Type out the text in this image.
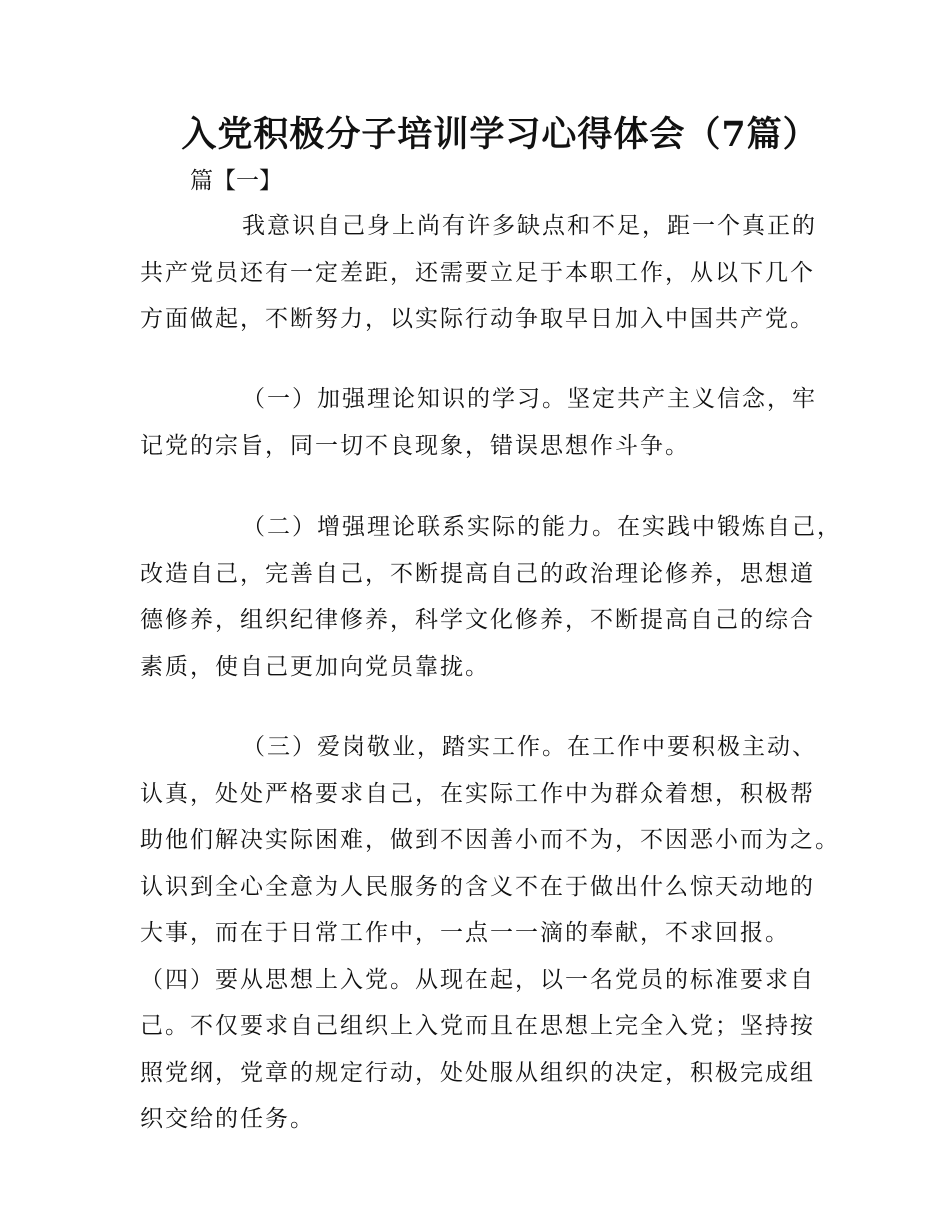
入党积极分子培训学习心得体会（7篇）
篇【一】
我意识自己身上尚有许多缺点和不足，距一个真正的
共产党员还有一定差距，还需要立足于本职工作，从以下几个
方面做起，不断努力，以实际行动争取早日加入中国共产党。
（一）加强理论知识的学习。坚定共产主义信念，牢
记党的宗旨，同一切不良现象，错误思想作斗争。
（二）增强理论联系实际的能力。在实践中锻炼自己，
改造自己，完善自己，不断提高自己的政治理论修养，思想道
德修养，组织纪律修养，科学文化修养，不断提高自己的综合
素质，使自己更加向党员靠拢。
（三）爱岗敬业，踏实工作。在工作中要积极主动、
认真，处处严格要求自己，在实际工作中为群众着想，积极帮
助他们解决实际困难，做到不因善小而不为，不因恶小而为之。
认识到全心全意为人民服务的含义不在于做出什么惊天动地的
大事，而在于日常工作中，一点一一滴的奉献，不求回报。
（四）要从思想上入党。从现在起，以一名党员的标准要求自
己。不仅要求自己组织上入党而且在思想上完全入党；坚持按
照党纲，党章的规定行动，处处服从组织的决定，积极完成组
织交给的任务。
